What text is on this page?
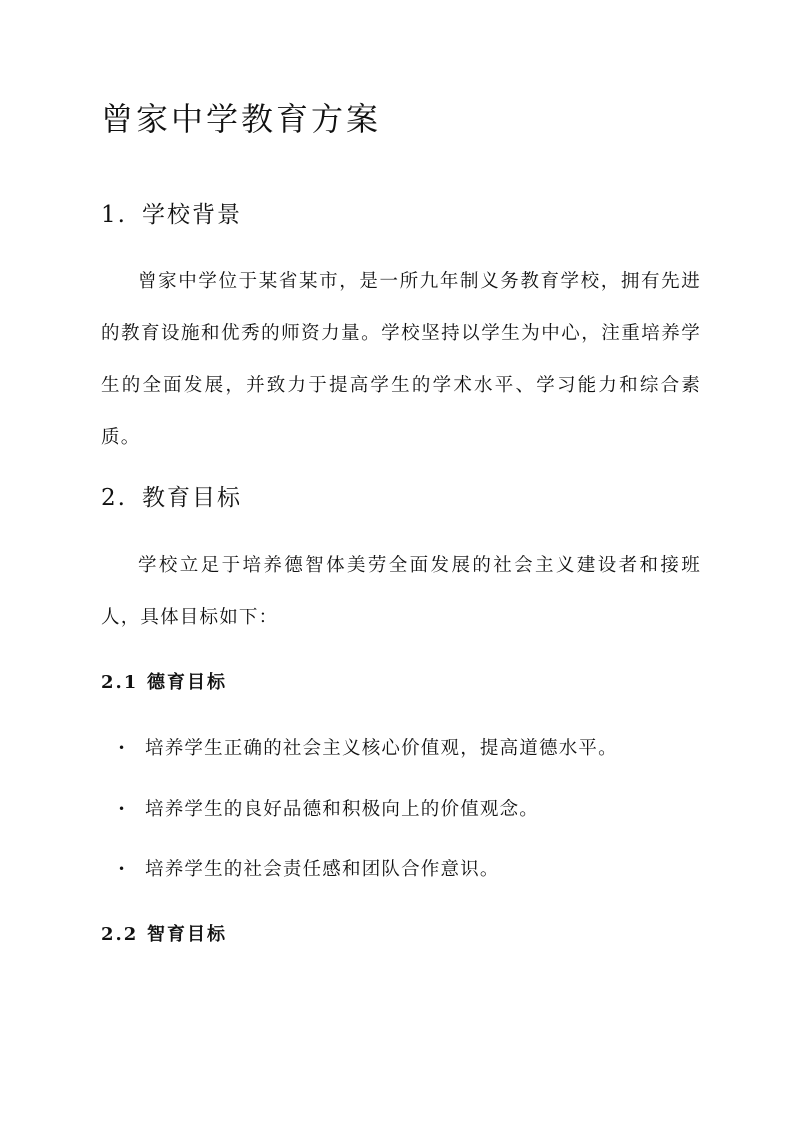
曾家中学教育方案
1. 学校背景

曾家中学位于某省某市，是一所九年制义务教育学校，拥有先进的教育设施和优秀的师资力量。学校坚持以学生为中心，注重培养学生的全面发展，并致力于提高学生的学术水平、学习能力和综合素质。

2. 教育目标

学校立足于培养德智体美劳全面发展的社会主义建设者和接班人，具体目标如下：

2.1 德育目标
• 培养学生正确的社会主义核心价值观，提高道德水平。
• 培养学生的良好品德和积极向上的价值观念。
• 培养学生的社会责任感和团队合作意识。
2.2 智育目标
